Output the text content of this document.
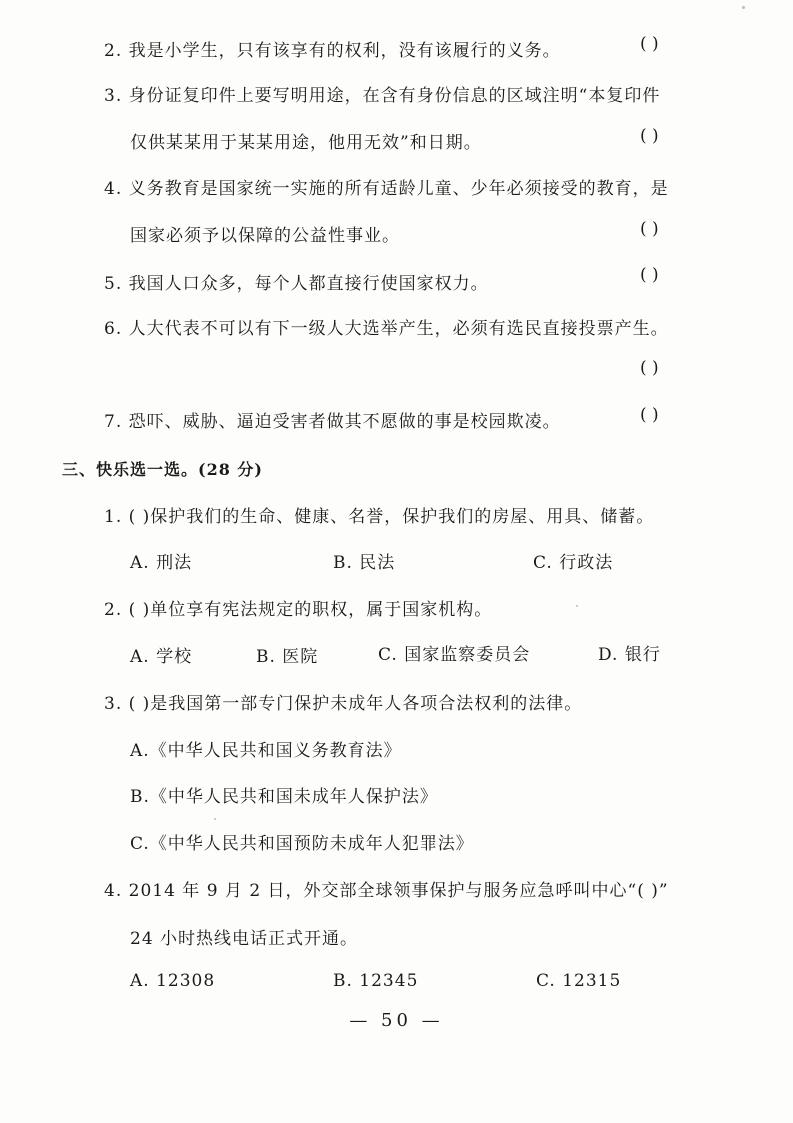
2. 我是小学生，只有该享有的权利，没有该履行的义务。	( )
3. 身份证复印件上要写明用途，在含有身份信息的区域注明“本复印件
仅供某某用于某某用途，他用无效”和日期。	( )
4. 义务教育是国家统一实施的所有适龄儿童、少年必须接受的教育，是
国家必须予以保障的公益性事业。	( )
5. 我国人口众多，每个人都直接行使国家权力。	( )
6. 人大代表不可以有下一级人大选举产生，必须有选民直接投票产生。
( )
7. 恐吓、威胁、逼迫受害者做其不愿做的事是校园欺凌。	( )
三、快乐选一选。(28 分)
1. ( )保护我们的生命、健康、名誉，保护我们的房屋、用具、储蓄。
A. 刑法	B. 民法	C. 行政法
2. ( )单位享有宪法规定的职权，属于国家机构。
A. 学校	B. 医院	C. 国家监察委员会	D. 银行
3. ( )是我国第一部专门保护未成年人各项合法权利的法律。
A.《中华人民共和国义务教育法》
B.《中华人民共和国未成年人保护法》
C.《中华人民共和国预防未成年人犯罪法》
4. 2014 年 9 月 2 日，外交部全球领事保护与服务应急呼叫中心“( )”
24 小时热线电话正式开通。
A. 12308	B. 12345	C. 12315
— 50 —
